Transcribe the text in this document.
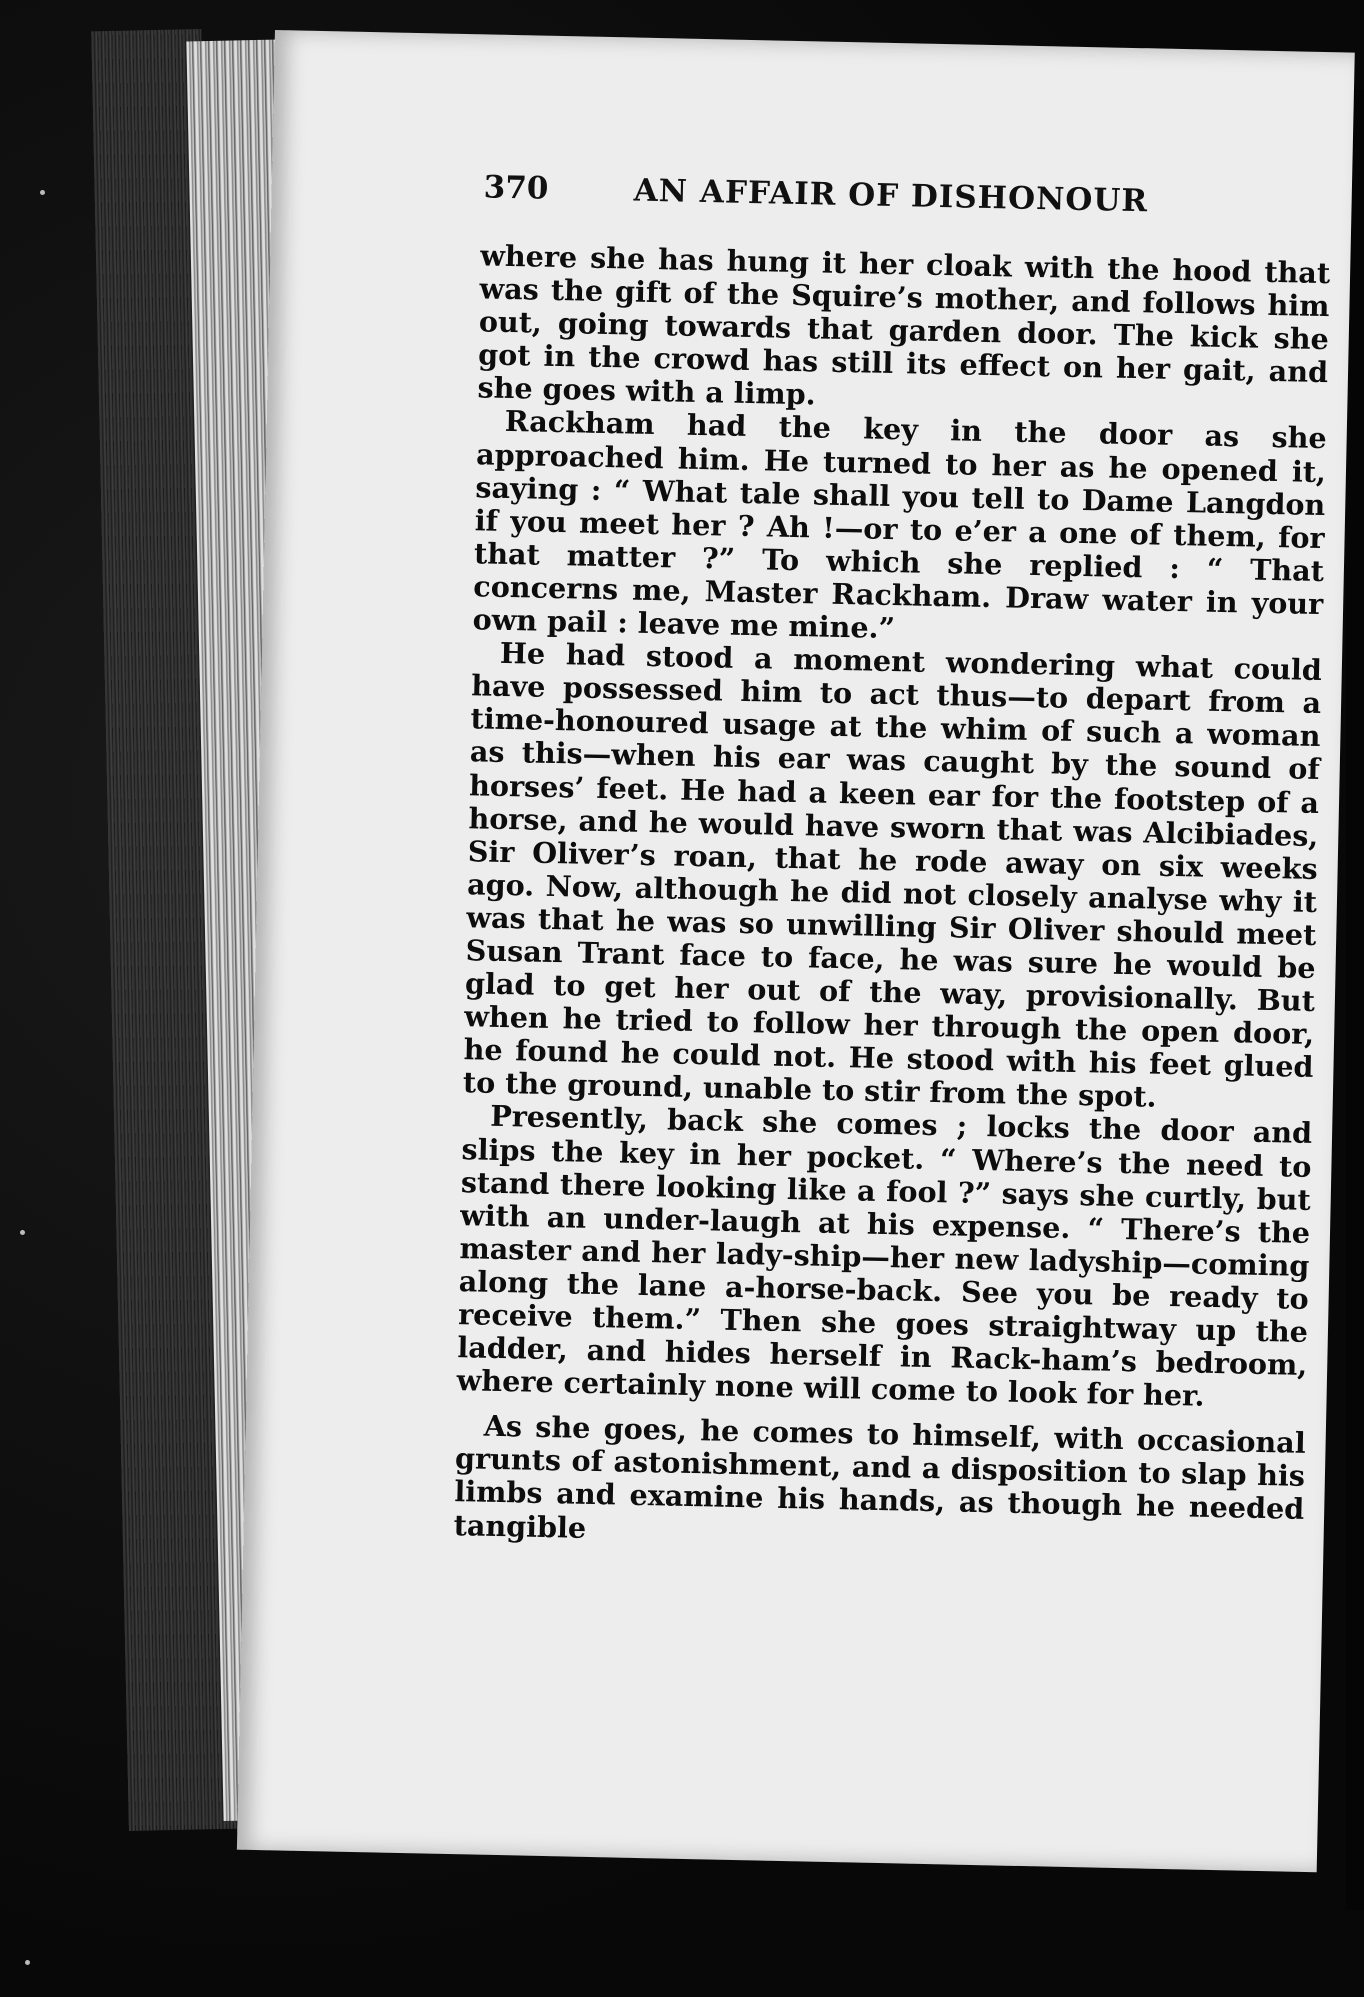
370	AN AFFAIR OF DISHONOUR

where she has hung it her cloak with the hood that was the gift of the Squire’s mother, and follows him out, going towards that garden door. The kick she got in the crowd has still its effect on her gait, and she goes with a limp.

Rackham had the key in the door as she approached him. He turned to her as he opened it, saying : “ What tale shall you tell to Dame Langdon if you meet her ? Ah !—or to e’er a one of them, for that matter ?” To which she replied : “ That concerns me, Master Rackham. Draw water in your own pail : leave me mine.”

He had stood a moment wondering what could have possessed him to act thus—to depart from a time-honoured usage at the whim of such a woman as this—when his ear was caught by the sound of horses’ feet. He had a keen ear for the footstep of a horse, and he would have sworn that was Alcibiades, Sir Oliver’s roan, that he rode away on six weeks ago. Now, although he did not closely analyse why it was that he was so unwilling Sir Oliver should meet Susan Trant face to face, he was sure he would be glad to get her out of the way, provisionally. But when he tried to follow her through the open door, he found he could not. He stood with his feet glued to the ground, unable to stir from the spot.

Presently, back she comes ; locks the door and slips the key in her pocket. “ Where’s the need to stand there looking like a fool ?” says she curtly, but with an under-laugh at his expense. “ There’s the master and her lady-ship—her new ladyship—coming along the lane a-horse-back. See you be ready to receive them.” Then she goes straightway up the ladder, and hides herself in Rack-ham’s bedroom, where certainly none will come to look for her.

As she goes, he comes to himself, with occasional grunts of astonishment, and a disposition to slap his limbs and examine his hands, as though he needed tangible
